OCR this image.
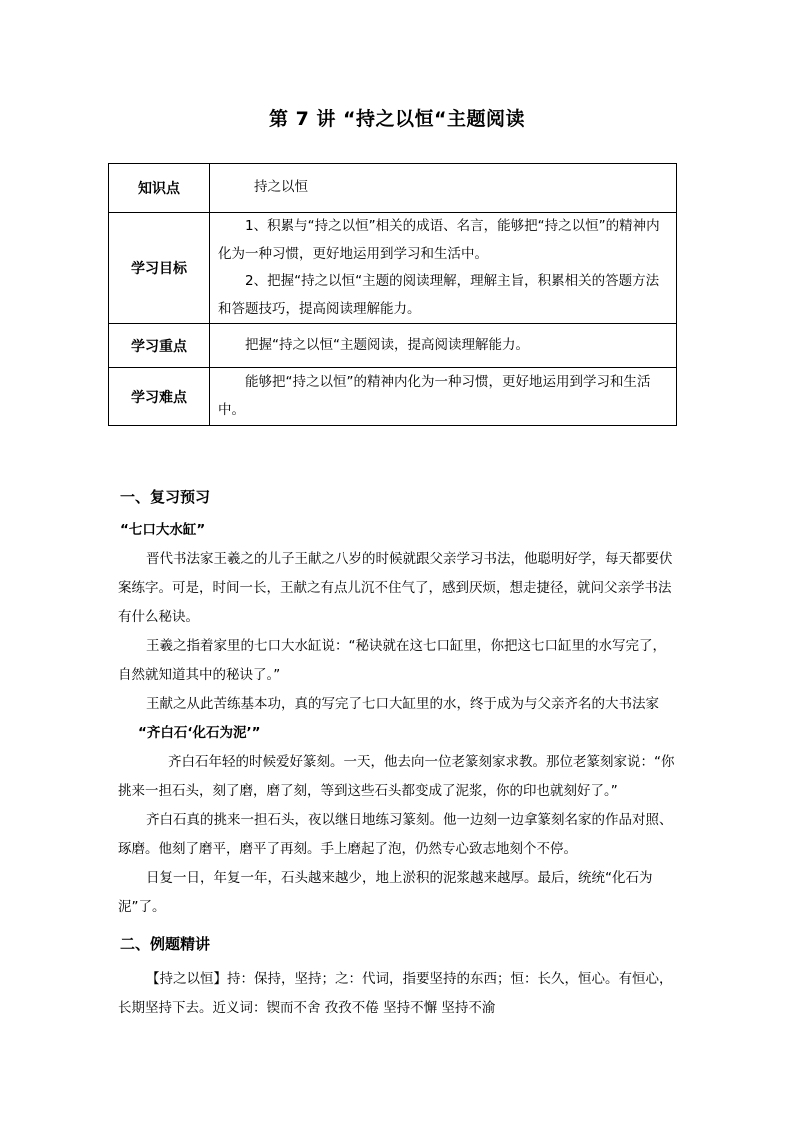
第 7 讲 “持之以恒“主题阅读
知识点	持之以恒

学习目标	1、积累与“持之以恒”相关的成语、名言，能够把“持之以恒”的精神内化为一种习惯，更好地运用到学习和生活中。

2、把握“持之以恒“主题的阅读理解，理解主旨，积累相关的答题方法和答题技巧，提高阅读理解能力。

学习重点	把握“持之以恒“主题阅读，提高阅读理解能力。

学习难点	能够把“持之以恒”的精神内化为一种习惯，更好地运用到学习和生活中。

一、复习预习

“七口大水缸”

晋代书法家王羲之的儿子王献之八岁的时候就跟父亲学习书法，他聪明好学，每天都要伏案练字。可是，时间一长，王献之有点儿沉不住气了，感到厌烦，想走捷径，就问父亲学书法有什么秘诀。

王羲之指着家里的七口大水缸说：“秘诀就在这七口缸里，你把这七口缸里的水写完了，自然就知道其中的秘诀了。”

王献之从此苦练基本功，真的写完了七口大缸里的水，终于成为与父亲齐名的大书法家

“齐白石‘化石为泥’”

齐白石年轻的时候爱好篆刻。一天，他去向一位老篆刻家求教。那位老篆刻家说：“你挑来一担石头，刻了磨，磨了刻，等到这些石头都变成了泥浆，你的印也就刻好了。”

齐白石真的挑来一担石头，夜以继日地练习篆刻。他一边刻一边拿篆刻名家的作品对照、琢磨。他刻了磨平，磨平了再刻。手上磨起了泡，仍然专心致志地刻个不停。

日复一日，年复一年，石头越来越少，地上淤积的泥浆越来越厚。最后，统统“化石为泥”了。

二、例题精讲

【持之以恒】持：保持，坚持；之：代词，指要坚持的东西；恒：长久，恒心。有恒心，长期坚持下去。近义词：锲而不舍 孜孜不倦 坚持不懈 坚持不渝
